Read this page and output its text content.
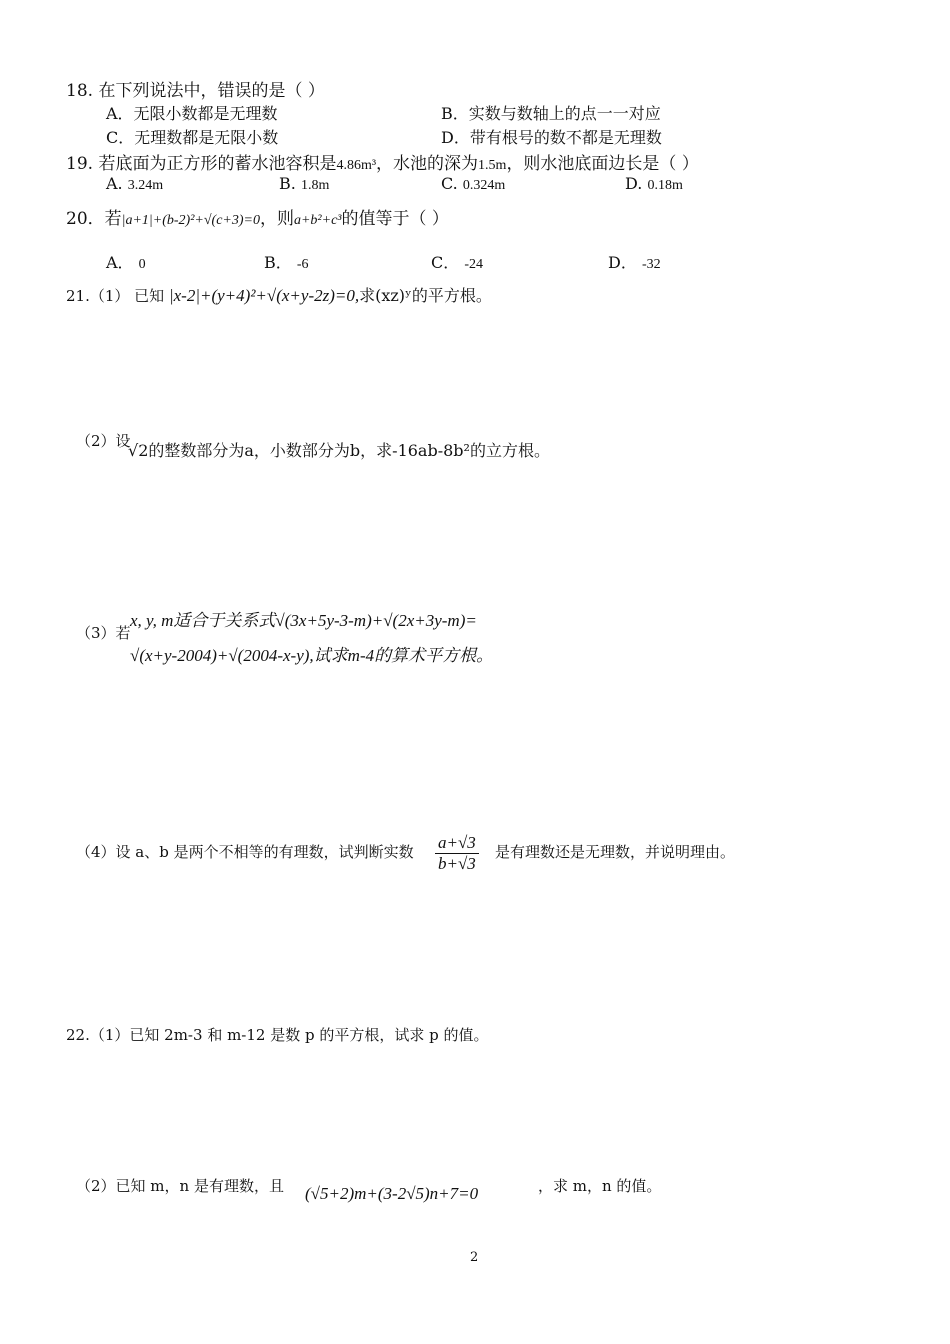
18. 在下列说法中，错误的是（ ）
A．无限小数都是无理数	B．实数与数轴上的点一一对应
C．无理数都是无限小数	D．带有根号的数不都是无理数
19. 若底面为正方形的蓄水池容积是4.86m³，水池的深为1.5m，则水池底面边长是（ ）
A. 3.24m	B. 1.8m	C. 0.324m	D. 0.18m
20．若|a+1|+(b-2)²+√(c+3)=0，则a+b²+c³的值等于（ ）
A． 0	B． -6	C． -24	D． -32
21.（1） 已知 |x-2|+(y+4)²+√(x+y-2z)=0,求(xz)ʸ的平方根。
（2）设
√2的整数部分为a，小数部分为b，求-16ab-8b²的立方根。
（3）若
x, y, m适合于关系式√(3x+5y-3-m)+√(2x+3y-m)=
√(x+y-2004)+√(2004-x-y),试求m-4的算术平方根。
（4）设 a、b 是两个不相等的有理数，试判断实数 $\frac{a+√3}{b+√3}$ 是有理数还是无理数，并说明理由。
22.（1）已知 2m-3 和 m-12 是数 p 的平方根，试求 p 的值。
（2）已知 m，n 是有理数，且 (√5+2)m+(3-2√5)n+7=0	，求 m，n 的值。
2
